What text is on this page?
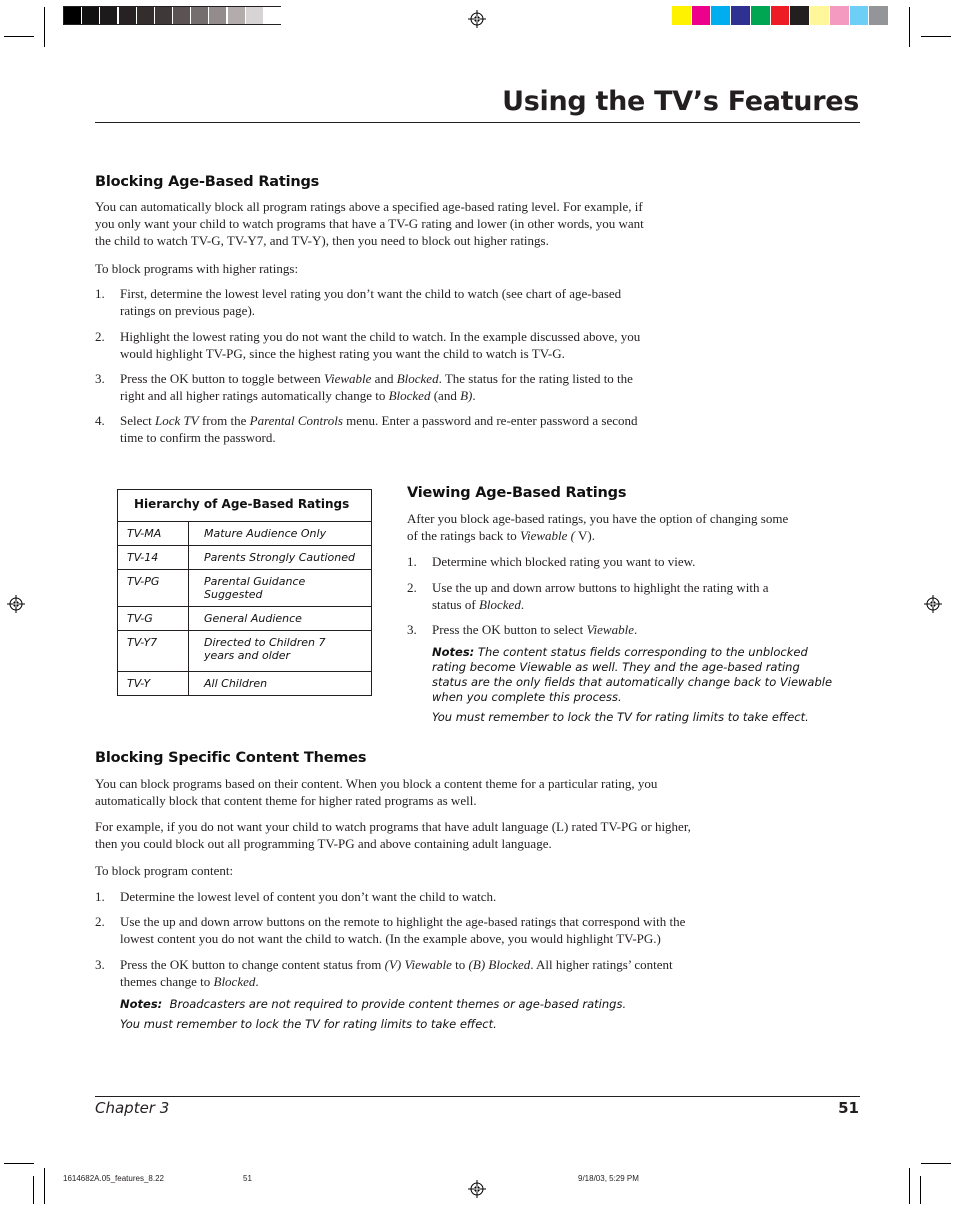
Using the TV’s Features
Blocking Age-Based Ratings
You can automatically block all program ratings above a specified age-based rating level. For example, if
you only want your child to watch programs that have a TV-G rating and lower (in other words, you want
the child to watch TV-G, TV-Y7, and TV-Y), then you need to block out higher ratings.
To block programs with higher ratings:
1. First, determine the lowest level rating you don’t want the child to watch (see chart of age-based
ratings on previous page).
2. Highlight the lowest rating you do not want the child to watch. In the example discussed above, you
would highlight TV-PG, since the highest rating you want the child to watch is TV-G.
3. Press the OK button to toggle between Viewable and Blocked. The status for the rating listed to the
right and all higher ratings automatically change to Blocked (and B).
4. Select Lock TV from the Parental Controls menu. Enter a password and re-enter password a second
time to confirm the password.
Hierarchy of Age-Based Ratings	
TV-MA	Mature Audience Only
TV-14	Parents Strongly Cautioned
TV-PG	Parental Guidance Suggested
TV-G	General Audience
TV-Y7	Directed to Children 7 years and older
TV-Y	All Children
Viewing Age-Based Ratings
After you block age-based ratings, you have the option of changing some
of the ratings back to Viewable ( V).
1. Determine which blocked rating you want to view.
2. Use the up and down arrow buttons to highlight the rating with a
status of Blocked.
3. Press the OK button to select Viewable.
Notes: The content status fields corresponding to the unblocked
rating become Viewable as well. They and the age-based rating
status are the only fields that automatically change back to Viewable
when you complete this process.
You must remember to lock the TV for rating limits to take effect.
Blocking Specific Content Themes
You can block programs based on their content. When you block a content theme for a particular rating, you
automatically block that content theme for higher rated programs as well.
For example, if you do not want your child to watch programs that have adult language (L) rated TV-PG or higher,
then you could block out all programming TV-PG and above containing adult language.
To block program content:
1. Determine the lowest level of content you don’t want the child to watch.
2. Use the up and down arrow buttons on the remote to highlight the age-based ratings that correspond with the
lowest content you do not want the child to watch. (In the example above, you would highlight TV-PG.)
3. Press the OK button to change content status from (V) Viewable to (B) Blocked. All higher ratings’ content
themes change to Blocked.
Notes:  Broadcasters are not required to provide content themes or age-based ratings.
You must remember to lock the TV for rating limits to take effect.
Chapter 3	51
1614682A.05_features_8.22	51	9/18/03, 5:29 PM
